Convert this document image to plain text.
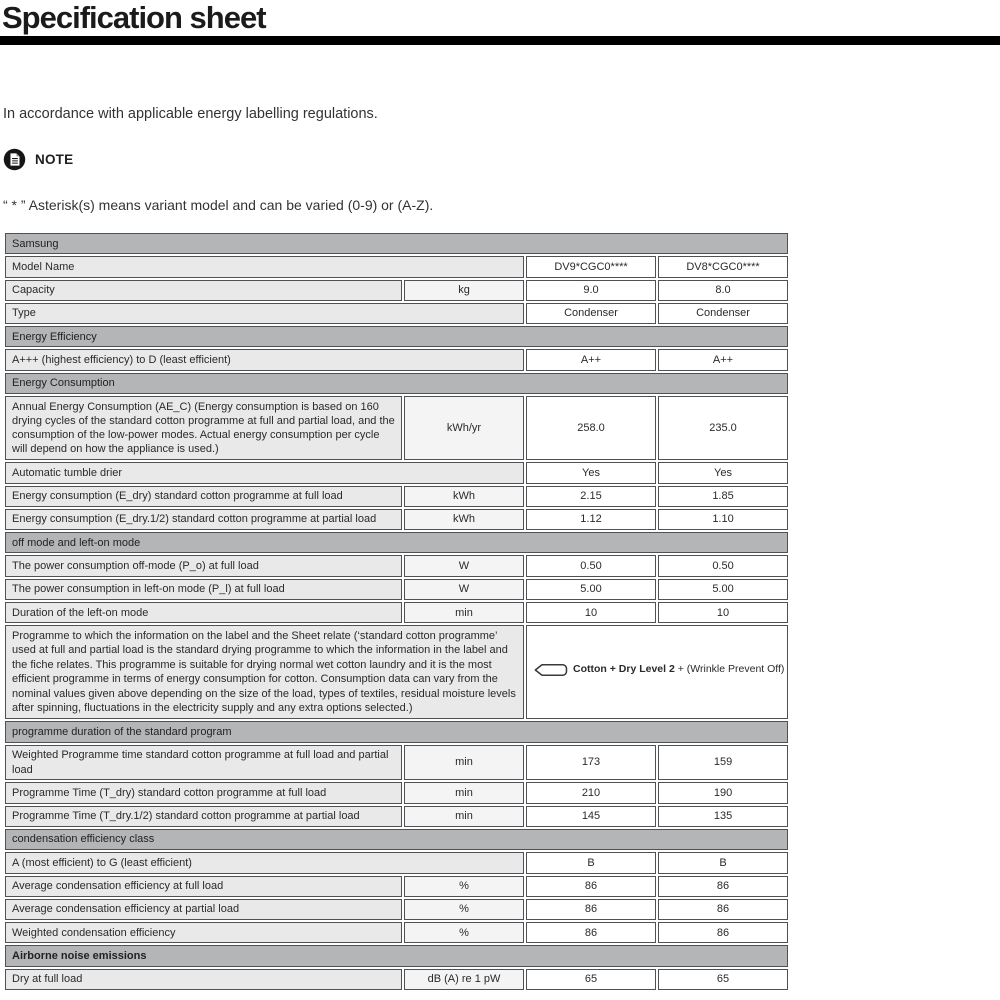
Specification sheet
In accordance with applicable energy labelling regulations.
NOTE
“ * ” Asterisk(s) means variant model and can be varied (0-9) or (A-Z).
Samsung			
Model Name		DV9*CGC0****	DV8*CGC0****
Capacity	kg	9.0	8.0
Type		Condenser	Condenser
Energy Efficiency			
A+++ (highest efficiency) to D (least efficient)		A++	A++
Energy Consumption			
Annual Energy Consumption (AE_C) (Energy consumption is based on 160 drying cycles of the standard cotton programme at full and partial load, and the consumption of the low-power modes. Actual energy consumption per cycle will depend on how the appliance is used.)	kWh/yr	258.0	235.0
Automatic tumble drier		Yes	Yes
Energy consumption (E_dry) standard cotton programme at full load	kWh	2.15	1.85
Energy consumption (E_dry.1/2) standard cotton programme at partial load	kWh	1.12	1.10
off mode and left-on mode			
The power consumption off-mode (P_o) at full load	W	0.50	0.50
The power consumption in left-on mode (P_l) at full load	W	5.00	5.00
Duration of the left-on mode	min	10	10
Programme to which the information on the label and the Sheet relate (‘standard cotton programme’ used at full and partial load is the standard drying programme to which the information in the label and the fiche relates. This programme is suitable for drying normal wet cotton laundry and it is the most efficient programme in terms of energy consumption for cotton. Consumption data can vary from the nominal values given above depending on the size of the load, types of textiles, residual moisture levels after spinning, fluctuations in the electricity supply and any extra options selected.)		Cotton + Dry Level 2 + (Wrinkle Prevent Off)	

programme duration of the standard program			
Weighted Programme time standard cotton programme at full load and partial load	min	173	159
Programme Time (T_dry) standard cotton programme at full load	min	210	190
Programme Time (T_dry.1/2) standard cotton programme at partial load	min	145	135
condensation efficiency class			
A (most efficient) to G (least efficient)		B	B
Average condensation efficiency at full load	%	86	86
Average condensation efficiency at partial load	%	86	86
Weighted condensation efficiency	%	86	86
Airborne noise emissions			
Dry at full load	dB (A) re 1 pW	65	65
